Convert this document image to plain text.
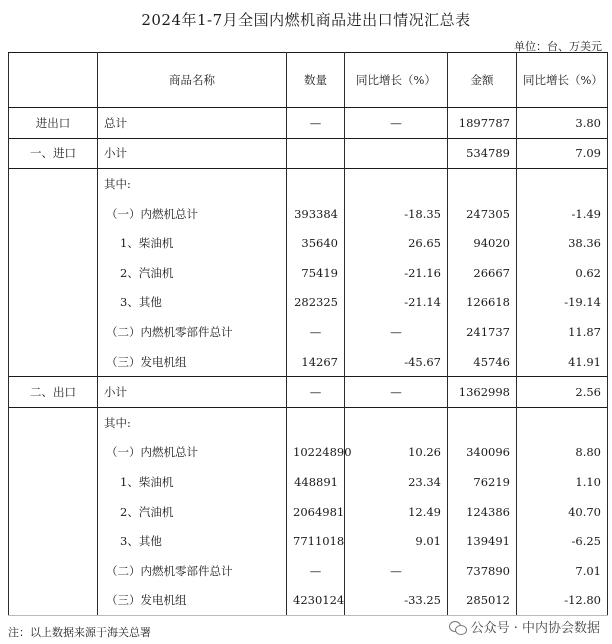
2024年1-7月全国内燃机商品进出口情况汇总表
单位：台、万美元
	商品名称	数量	同比增长（%）	金额	同比增长（%）
进出口	总计	—	—	1897787	3.80
一、进口	小计			534789	7.09
	其中:				
	（一）内燃机总计	393384	-18.35	247305	-1.49
	1、柴油机	35640	26.65	94020	38.36
	2、汽油机	75419	-21.16	26667	0.62
	3、其他	282325	-21.14	126618	-19.14
	（二）内燃机零部件总计	—	—	241737	11.87
	（三）发电机组	14267	-45.67	45746	41.91
二、出口	小计	—	—	1362998	2.56
	其中:				
	（一）内燃机总计	10224890	10.26	340096	8.80
	1、柴油机	448891	23.34	76219	1.10
	2、汽油机	2064981	12.49	124386	40.70
	3、其他	7711018	9.01	139491	-6.25
	（二）内燃机零部件总计	—	—	737890	7.01
	（三）发电机组	4230124	-33.25	285012	-12.80
注：以上数据来源于海关总署	公众号 · 中内协会数据
